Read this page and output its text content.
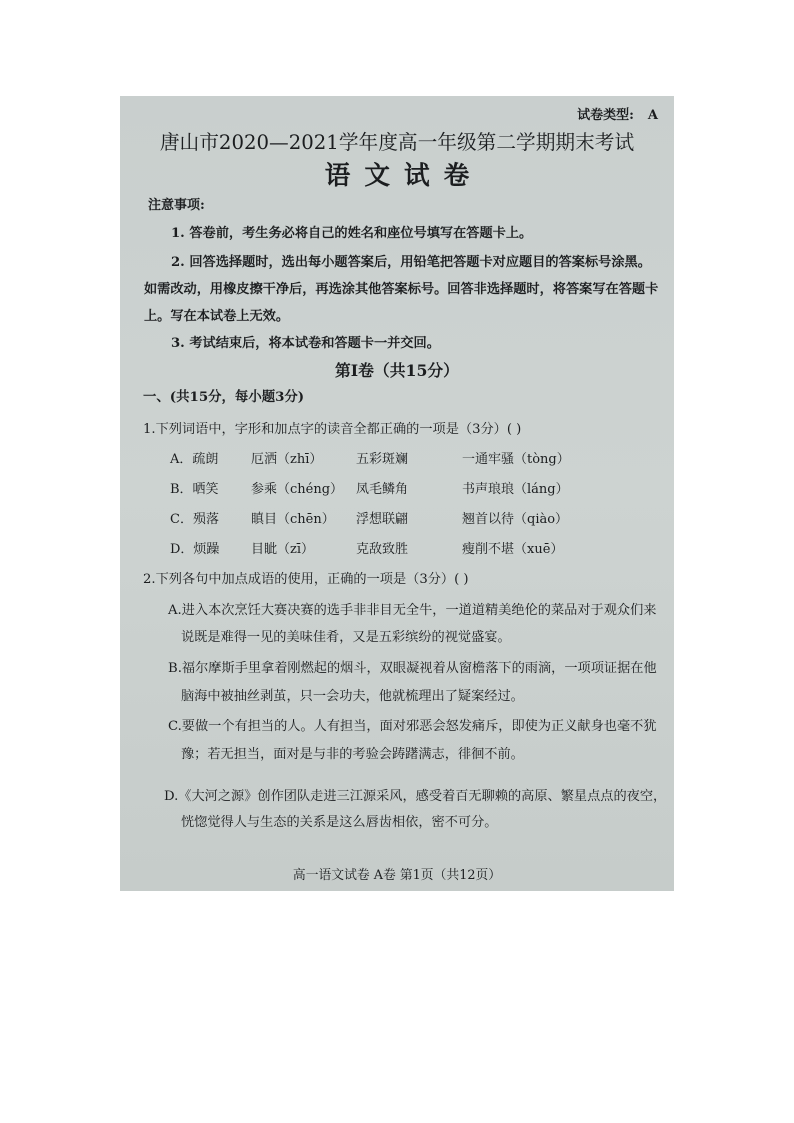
试卷类型: A
唐山市2020—2021学年度高一年级第二学期期末考试
语文试卷
注意事项:
1. 答卷前，考生务必将自己的姓名和座位号填写在答题卡上。
2. 回答选择题时，选出每小题答案后，用铅笔把答题卡对应题目的答案标号涂黑。
如需改动，用橡皮擦干净后，再选涂其他答案标号。回答非选择题时，将答案写在答题卡
上。写在本试卷上无效。
3. 考试结束后，将本试卷和答题卡一并交回。
第Ⅰ卷（共15分）
一、(共15分，每小题3分)
1.下列词语中，字形和加点字的读音全都正确的一项是（3分）( )
A．疏朗	厄洒（zhī）	五彩斑斓	一通牢骚（tòng）
B．哂笑 参乘（chéng） 凤毛鳞角	书声琅琅（láng）
C．殒落 瞋目（chēn） 浮想联翩	翘首以待（qiào）
D．烦躁 目眦（zī）	克敌致胜	瘦削不堪（xuē）
2.下列各句中加点成语的使用，正确的一项是（3分）( )
A.进入本次烹饪大赛决赛的选手非非目无全牛，一道道精美绝伦的菜品对于观众们来
说既是难得一见的美味佳肴，又是五彩缤纷的视觉盛宴。
B.福尔摩斯手里拿着刚燃起的烟斗，双眼凝视着从窗檐落下的雨滴，一项项证据在他
脑海中被抽丝剥茧，只一会功夫，他就梳理出了疑案经过。
C.要做一个有担当的人。人有担当，面对邪恶会怒发痛斥，即使为正义献身也毫不犹
豫；若无担当，面对是与非的考验会踌躇满志，徘徊不前。
D.《大河之源》创作团队走进三江源采风，感受着百无聊赖的高原、繁星点点的夜空，
恍惚觉得人与生态的关系是这么唇齿相依，密不可分。
高一语文试卷 A卷 第1页（共12页）
